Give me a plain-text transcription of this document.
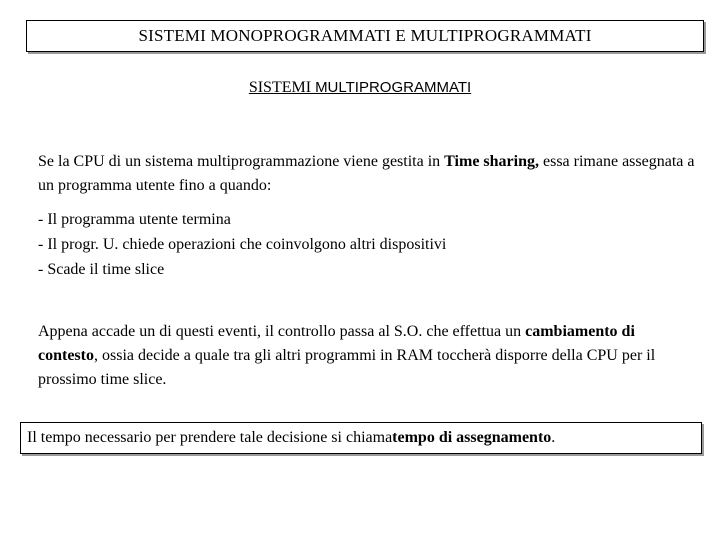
SISTEMI MONOPROGRAMMATI E MULTIPROGRAMMATI
SISTEMI MULTIPROGRAMMATI
Se la CPU di un sistema multiprogrammazione viene gestita in Time sharing, essa rimane assegnata a un programma utente fino a quando:
- Il programma utente termina
- Il progr. U. chiede operazioni che coinvolgono altri dispositivi
- Scade il time slice
Appena accade un di questi eventi, il controllo passa al S.O. che effettua un cambiamento di contesto, ossia decide a quale tra gli altri programmi in RAM toccherà disporre della CPU per il prossimo time slice.
Il tempo necessario per prendere tale decisione si chiama tempo di assegnamento .
